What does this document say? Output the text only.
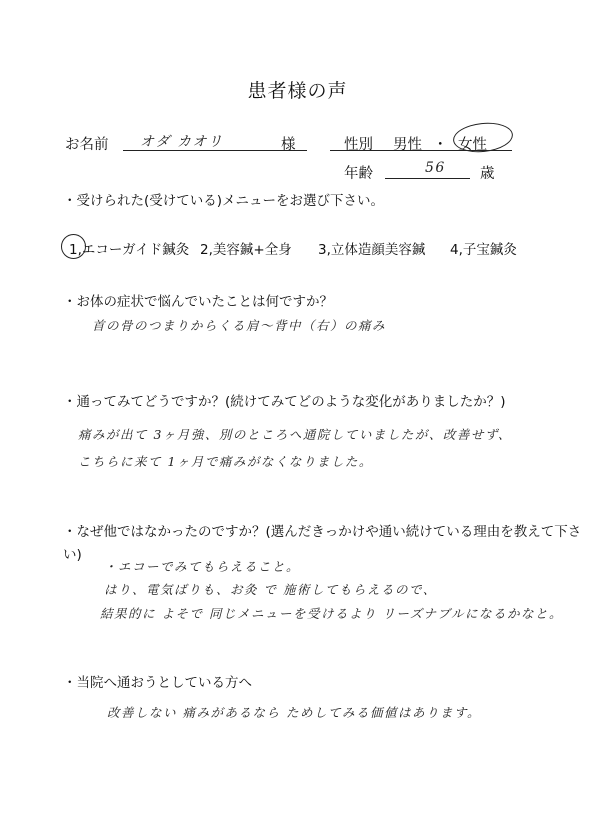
患者様の声
お名前 オダ カオリ	様	性別 男性 ・ 女性
年齢	56 歳
・受けられた(受けている)メニューをお選び下さい。
1,エコーガイド鍼灸 2,美容鍼+全身 3,立体造顔美容鍼 4,子宝鍼灸
・お体の症状で悩んでいたことは何ですか？
首の骨のつまりからくる肩～背中（右）の痛み
・通ってみてどうですか？(続けてみてどのような変化がありましたか？)
痛みが出て 3ヶ月強、別のところへ通院していましたが、改善せず、
こちらに来て 1ヶ月で痛みがなくなりました。
・なぜ他ではなかったのですか？(選んだきっかけや通い続けている理由を教えて下さ
い)
・エコーでみてもらえること。
はり、電気ばりも、お灸 で 施術してもらえるので、
結果的に よそで 同じメニューを受けるより リーズナブルになるかなと。
・当院へ通おうとしている方へ
改善しない 痛みがあるなら ためしてみる価値はあります。
